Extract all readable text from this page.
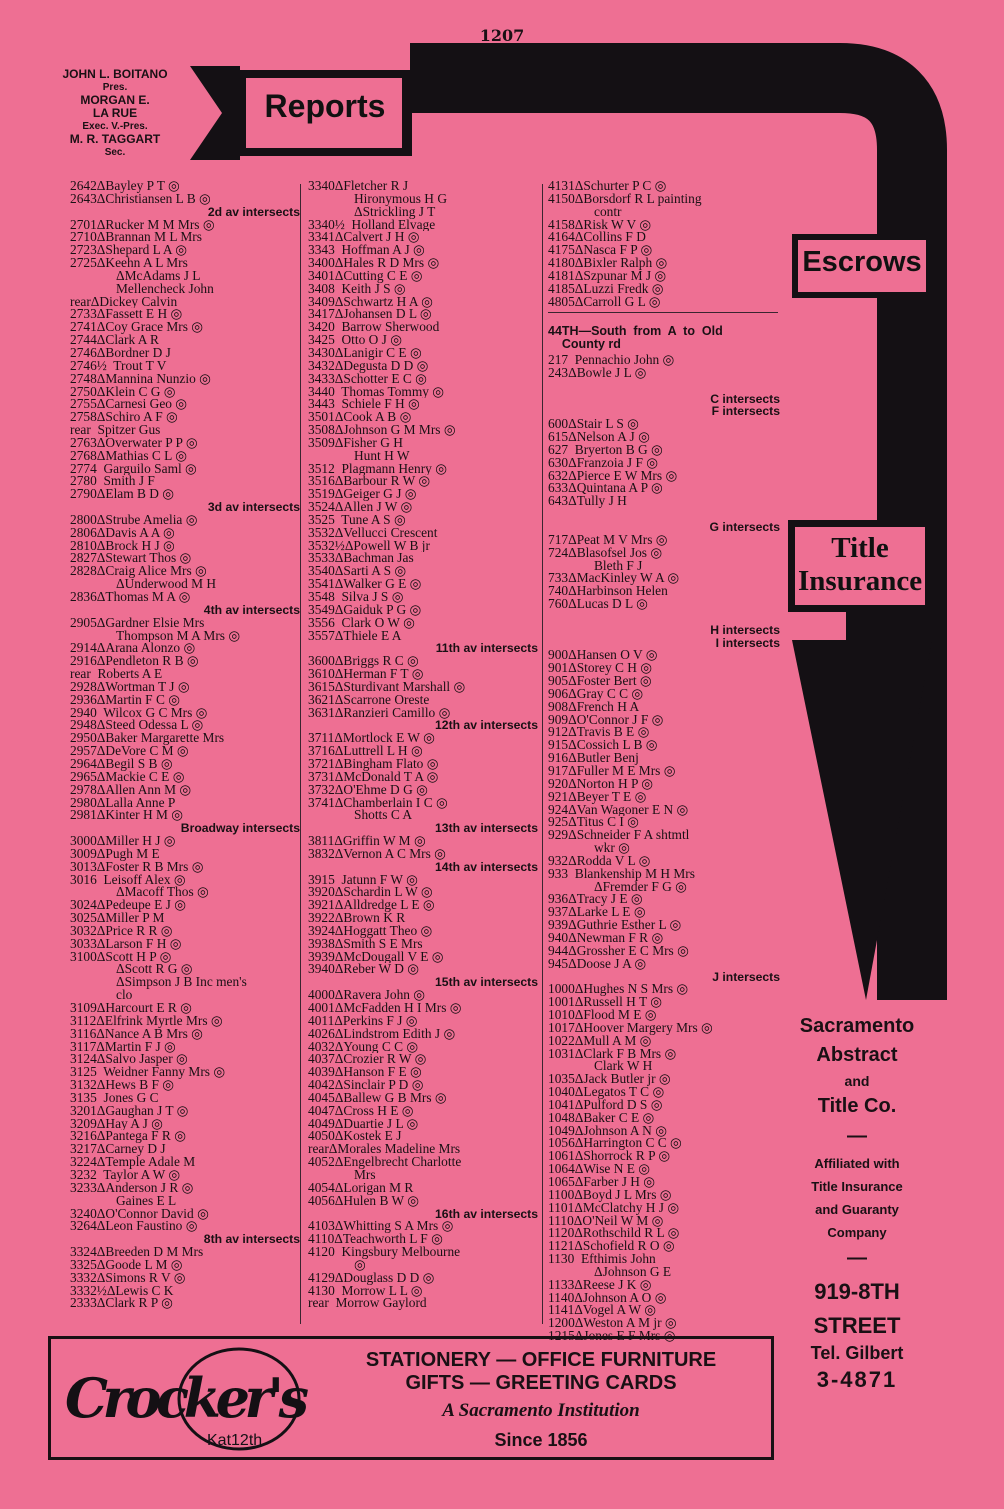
1207
JOHN L. BOITANO
Pres.
MORGAN E.
LA RUE
Exec. V.-Pres.
M. R. TAGGART
Sec.
Reports
Escrows
Title
Insurance
2642ΔBayley P T ◎
2643ΔChristiansen L B ◎
2d av intersects
2701ΔRucker M M Mrs ◎
2710ΔBrannan M L Mrs
2723ΔShepard L A ◎
2725ΔKeehn A L Mrs
ΔMcAdams J L
Mellencheck John
rearΔDickey Calvin
2733ΔFassett E H ◎
2741ΔCoy Grace Mrs ◎
2744ΔClark A R
2746ΔBordner D J
2746½  Trout T V
2748ΔMannina Nunzio ◎
2750ΔKlein C G ◎
2755ΔCarnesi Geo ◎
2758ΔSchiro A F ◎
rear  Spitzer Gus
2763ΔOverwater P P ◎
2768ΔMathias C L ◎
2774  Garguilo Saml ◎
2780  Smith J F
2790ΔElam B D ◎
3d av intersects
2800ΔStrube Amelia ◎
2806ΔDavis A A ◎
2810ΔBrock H J ◎
2827ΔStewart Thos ◎
2828ΔCraig Alice Mrs ◎
ΔUnderwood M H
2836ΔThomas M A ◎
4th av intersects
2905ΔGardner Elsie Mrs
Thompson M A Mrs ◎
2914ΔArana Alonzo ◎
2916ΔPendleton R B ◎
rear  Roberts A E
2928ΔWortman T J ◎
2936ΔMartin F C ◎
2940  Wilcox G C Mrs ◎
2948ΔSteed Odessa L ◎
2950ΔBaker Margarette Mrs
2957ΔDeVore C M ◎
2964ΔBegil S B ◎
2965ΔMackie C E ◎
2978ΔAllen Ann M ◎
2980ΔLalla Anne P
2981ΔKinter H M ◎
Broadway intersects
3000ΔMiller H J ◎
3009ΔPugh M E
3013ΔFoster R B Mrs ◎
3016  Leisoff Alex ◎
ΔMacoff Thos ◎
3024ΔPedeupe E J ◎
3025ΔMiller P M
3032ΔPrice R R ◎
3033ΔLarson F H ◎
3100ΔScott H P ◎
ΔScott R G ◎
ΔSimpson J B Inc men's
clo
3109ΔHarcourt E R ◎
3112ΔElfrink Myrtle Mrs ◎
3116ΔNance A B Mrs ◎
3117ΔMartin F J ◎
3124ΔSalvo Jasper ◎
3125  Weidner Fanny Mrs ◎
3132ΔHews B F ◎
3135  Jones G C
3201ΔGaughan J T ◎
3209ΔHay A J ◎
3216ΔPantega F R ◎
3217ΔCarney D J
3224ΔTemple Adale M
3232  Taylor A W ◎
3233ΔAnderson J R ◎
Gaines E L
3240ΔO'Connor David ◎
3264ΔLeon Faustino ◎
8th av intersects
3324ΔBreeden D M Mrs
3325ΔGoode L M ◎
3332ΔSimons R V ◎
3332½ΔLewis C K
2333ΔClark R P ◎
3340ΔFletcher R J
Hironymous H G
ΔStrickling J T
3340½  Holland Elvage
3341ΔCalvert J H ◎
3343  Hoffman A J ◎
3400ΔHales R D Mrs ◎
3401ΔCutting C E ◎
3408  Keith J S ◎
3409ΔSchwartz H A ◎
3417ΔJohansen D L ◎
3420  Barrow Sherwood
3425  Otto O J ◎
3430ΔLanigir C E ◎
3432ΔDegusta D D ◎
3433ΔSchotter E C ◎
3440  Thomas Tommy ◎
3443  Schiele F H ◎
3501ΔCook A B ◎
3508ΔJohnson G M Mrs ◎
3509ΔFisher G H
Hunt H W
3512  Plagmann Henry ◎
3516ΔBarbour R W ◎
3519ΔGeiger G J ◎
3524ΔAllen J W ◎
3525  Tune A S ◎
3532ΔVellucci Crescent
3532½ΔPowell W B jr
3533ΔBachman Jas
3540ΔSarti A S ◎
3541ΔWalker G E ◎
3548  Silva J S ◎
3549ΔGaiduk P G ◎
3556  Clark O W ◎
3557ΔThiele E A
11th av intersects
3600ΔBriggs R C ◎
3610ΔHerman F T ◎
3615ΔSturdivant Marshall ◎
3621ΔScarrone Oreste
3631ΔRanzieri Camillo ◎
12th av intersects
3711ΔMortlock E W ◎
3716ΔLuttrell L H ◎
3721ΔBingham Flato ◎
3731ΔMcDonald T A ◎
3732ΔO'Ehme D G ◎
3741ΔChamberlain I C ◎
Shotts C A
13th av intersects
3811ΔGriffin W M ◎
3832ΔVernon A C Mrs ◎
14th av intersects
3915  Jatunn F W ◎
3920ΔSchardin L W ◎
3921ΔAlldredge L E ◎
3922ΔBrown K R
3924ΔHoggatt Theo ◎
3938ΔSmith S E Mrs
3939ΔMcDougall V E ◎
3940ΔReber W D ◎
15th av intersects
4000ΔRavera John ◎
4001ΔMcFadden H I Mrs ◎
4011ΔPerkins F J ◎
4026ΔLindstrom Edith J ◎
4032ΔYoung C C ◎
4037ΔCrozier R W ◎
4039ΔHanson F E ◎
4042ΔSinclair P D ◎
4045ΔBallew G B Mrs ◎
4047ΔCross H E ◎
4049ΔDuartie J L ◎
4050ΔKostek E J
rearΔMorales Madeline Mrs
4052ΔEngelbrecht Charlotte
Mrs
4054ΔLorigan M R
4056ΔHulen B W ◎
16th av intersects
4103ΔWhitting S A Mrs ◎
4110ΔTeachworth L F ◎
4120  Kingsbury Melbourne
◎
4129ΔDouglass D D ◎
4130  Morrow L L ◎
rear  Morrow Gaylord
4131ΔSchurter P C ◎
4150ΔBorsdorf R L painting
contr
4158ΔRisk W V ◎
4164ΔCollins F D
4175ΔNasca F P ◎
4180ΔBixler Ralph ◎
4181ΔSzpunar M J ◎
4185ΔLuzzi Fredk ◎
4805ΔCarroll G L ◎
44TH—South  from  A  to  Old
County rd
217  Pennachio John ◎
243ΔBowle J L ◎
C intersects
F intersects
600ΔStair L S ◎
615ΔNelson A J ◎
627  Bryerton B G ◎
630ΔFranzoia J F ◎
632ΔPierce E W Mrs ◎
633ΔQuintana A P ◎
643ΔTully J H
G intersects
717ΔPeat M V Mrs ◎
724ΔBlasofsel Jos ◎
Bleth F J
733ΔMacKinley W A ◎
740ΔHarbinson Helen
760ΔLucas D L ◎
H intersects
I intersects
900ΔHansen O V ◎
901ΔStorey C H ◎
905ΔFoster Bert ◎
906ΔGray C C ◎
908ΔFrench H A
909ΔO'Connor J F ◎
912ΔTravis B E ◎
915ΔCossich L B ◎
916ΔButler Benj
917ΔFuller M E Mrs ◎
920ΔNorton H P ◎
921ΔBeyer T E ◎
924ΔVan Wagoner E N ◎
925ΔTitus C I ◎
929ΔSchneider F A shtmtl
wkr ◎
932ΔRodda V L ◎
933  Blankenship M H Mrs
ΔFremder F G ◎
936ΔTracy J E ◎
937ΔLarke L E ◎
939ΔGuthrie Esther L ◎
940ΔNewman F R ◎
944ΔGrossher E C Mrs ◎
945ΔDoose J A ◎
J intersects
1000ΔHughes N S Mrs ◎
1001ΔRussell H T ◎
1010ΔFlood M E ◎
1017ΔHoover Margery Mrs ◎
1022ΔMull A M ◎
1031ΔClark F B Mrs ◎
Clark W H
1035ΔJack Butler jr ◎
1040ΔLegatos T C ◎
1041ΔPulford D S ◎
1048ΔBaker C E ◎
1049ΔJohnson A N ◎
1056ΔHarrington C C ◎
1061ΔShorrock R P ◎
1064ΔWise N E ◎
1065ΔFarber J H ◎
1100ΔBoyd J L Mrs ◎
1101ΔMcClatchy H J ◎
1110ΔO'Neil W M ◎
1120ΔRothschild R L ◎
1121ΔSchofield R O ◎
1130  Efthimis John
ΔJohnson G E
1133ΔReese J K ◎
1140ΔJohnson A O ◎
1141ΔVogel A W ◎
1200ΔWeston A M jr ◎
1215ΔJones E F Mrs ◎
Sacramento
Abstract
and
Title Co.
—
Affiliated with
Title Insurance
and Guaranty
Company
—
919-8TH
STREET
Tel. Gilbert
3-4871
Crocker's
Kat12th
STATIONERY — OFFICE FURNITURE
GIFTS — GREETING CARDS
A Sacramento Institution
Since 1856
